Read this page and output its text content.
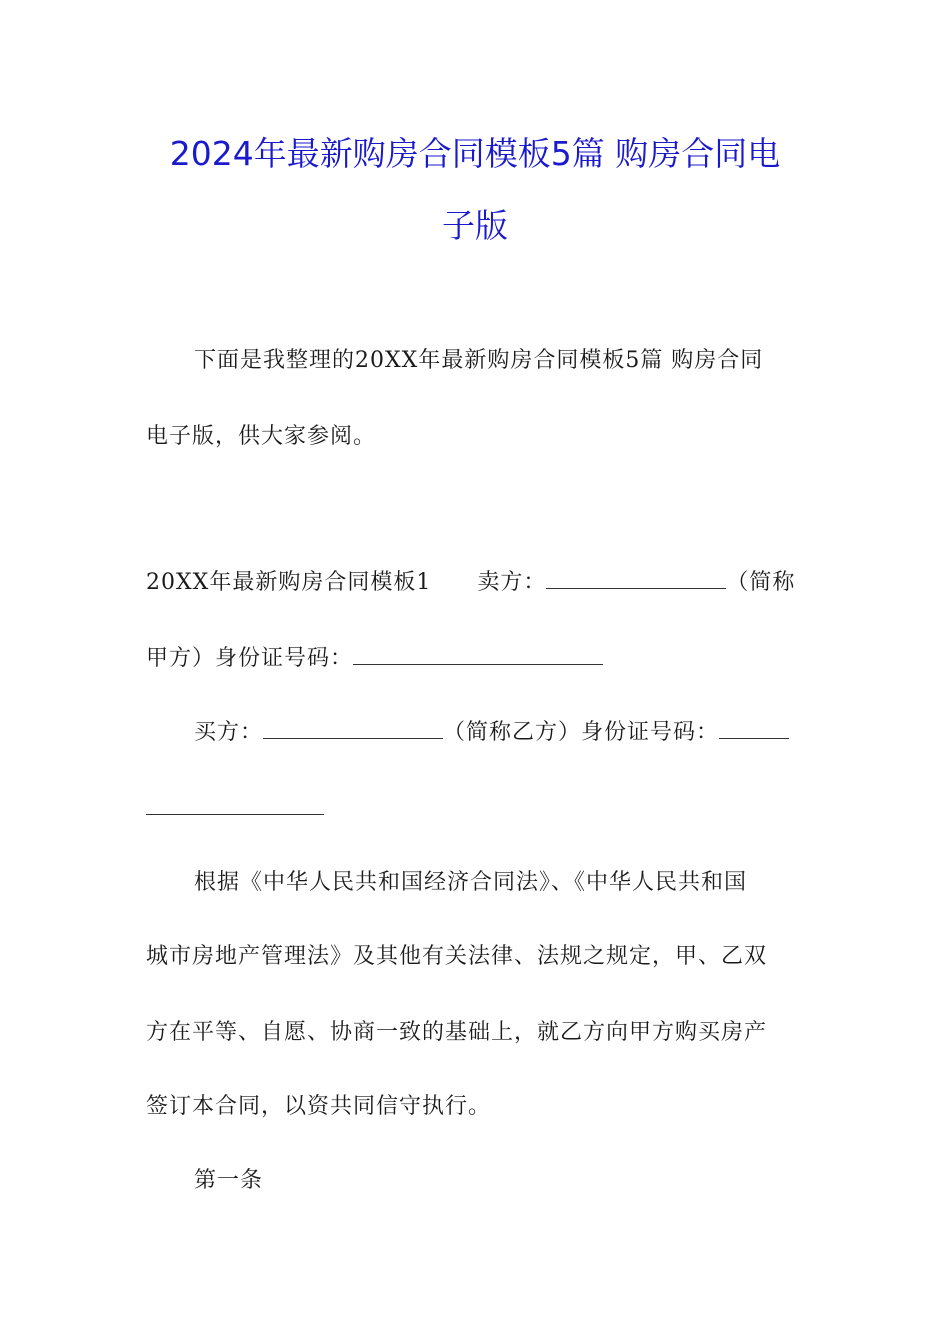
2024年最新购房合同模板5篇 购房合同电
子版
下面是我整理的20XX年最新购房合同模板5篇 购房合同
电子版，供大家参阅。
20XX年最新购房合同模板1 卖方：	（简称
甲方）身份证号码：
买方：	（简称乙方）身份证号码：
根据《中华人民共和国经济合同法》、《中华人民共和国
城市房地产管理法》及其他有关法律、法规之规定，甲、乙双
方在平等、自愿、协商一致的基础上，就乙方向甲方购买房产
签订本合同，以资共同信守执行。
第一条
